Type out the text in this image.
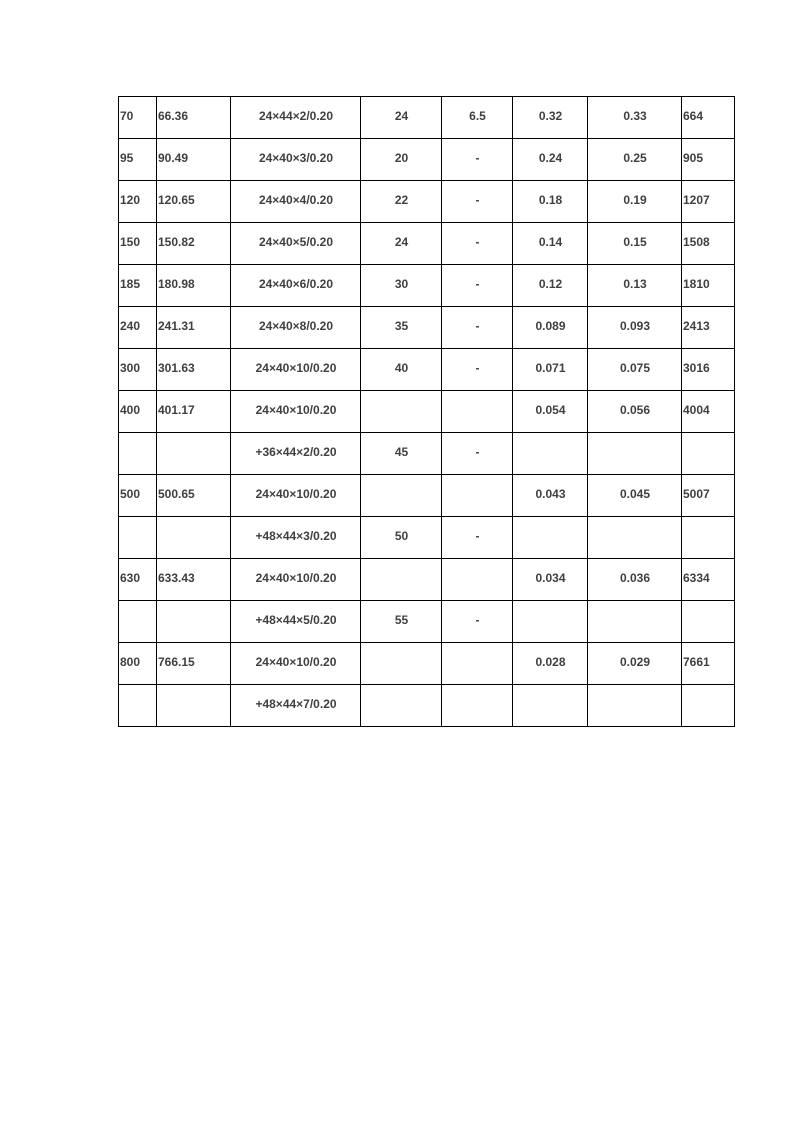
70	66.36	24×44×2/0.20	24	6.5	0.32	0.33	664

95	90.49	24×40×3/0.20	20	-	0.24	0.25	905

120	120.65	24×40×4/0.20	22	-	0.18	0.19	1207

150	150.82	24×40×5/0.20	24	-	0.14	0.15	1508

185	180.98	24×40×6/0.20	30	-	0.12	0.13	1810

240	241.31	24×40×8/0.20	35	-	0.089	0.093	2413

300	301.63	24×40×10/0.20	40	-	0.071	0.075	3016

400	401.17	24×40×10/0.20			0.054	0.056	4004

		+36×44×2/0.20	45	-			

500	500.65	24×40×10/0.20			0.043	0.045	5007

		+48×44×3/0.20	50	-			

630	633.43	24×40×10/0.20			0.034	0.036	6334

		+48×44×5/0.20	55	-			

800	766.15	24×40×10/0.20			0.028	0.029	7661

		+48×44×7/0.20					
